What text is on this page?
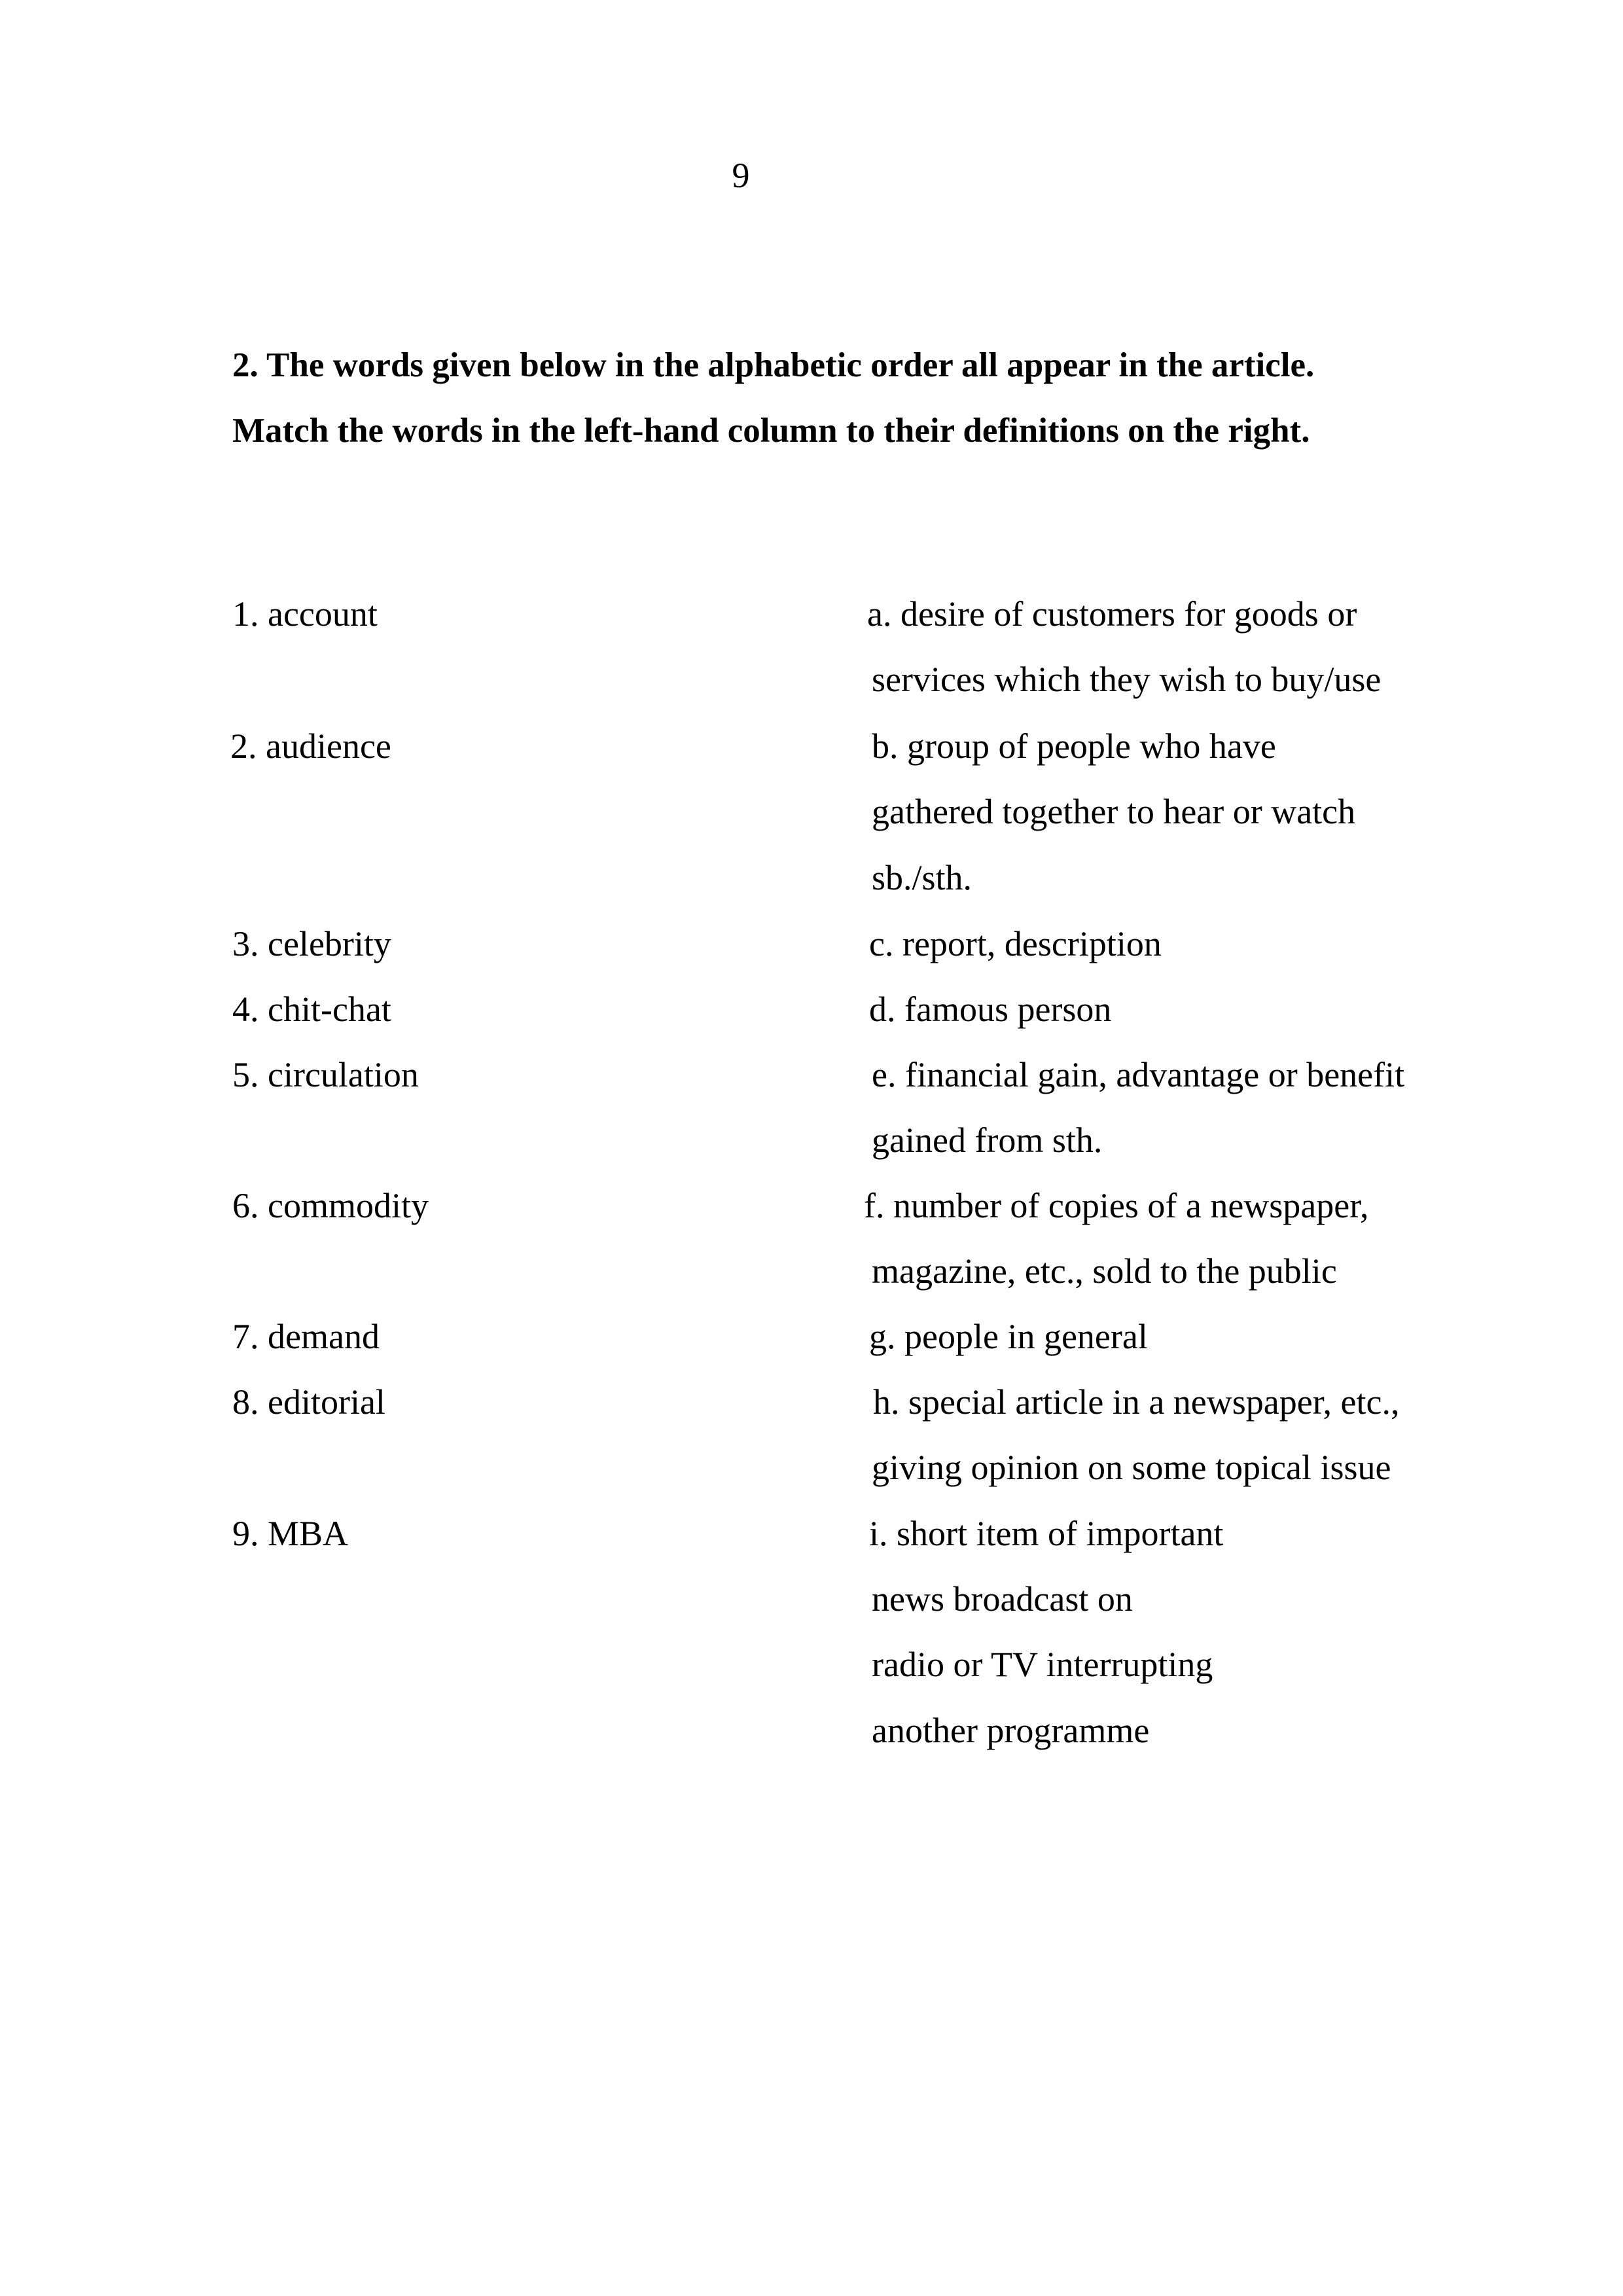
9
2. The words given below in the alphabetic order all appear in the article.
Match the words in the left-hand column to their definitions on the right.
1. account
2. audience
3. celebrity
4. chit-chat
5. circulation
6. commodity
7. demand
8. editorial
9. MBA
a. desire of customers for goods or
services which they wish to buy/use
b. group of people who have
gathered together to hear or watch
sb./sth.
c. report, description
d. famous person
e. financial gain, advantage or benefit
gained from sth.
f. number of copies of a newspaper,
magazine, etc., sold to the public
g. people in general
h. special article in a newspaper, etc.,
giving opinion on some topical issue
i. short item of important
news broadcast on
radio or TV interrupting
another programme
